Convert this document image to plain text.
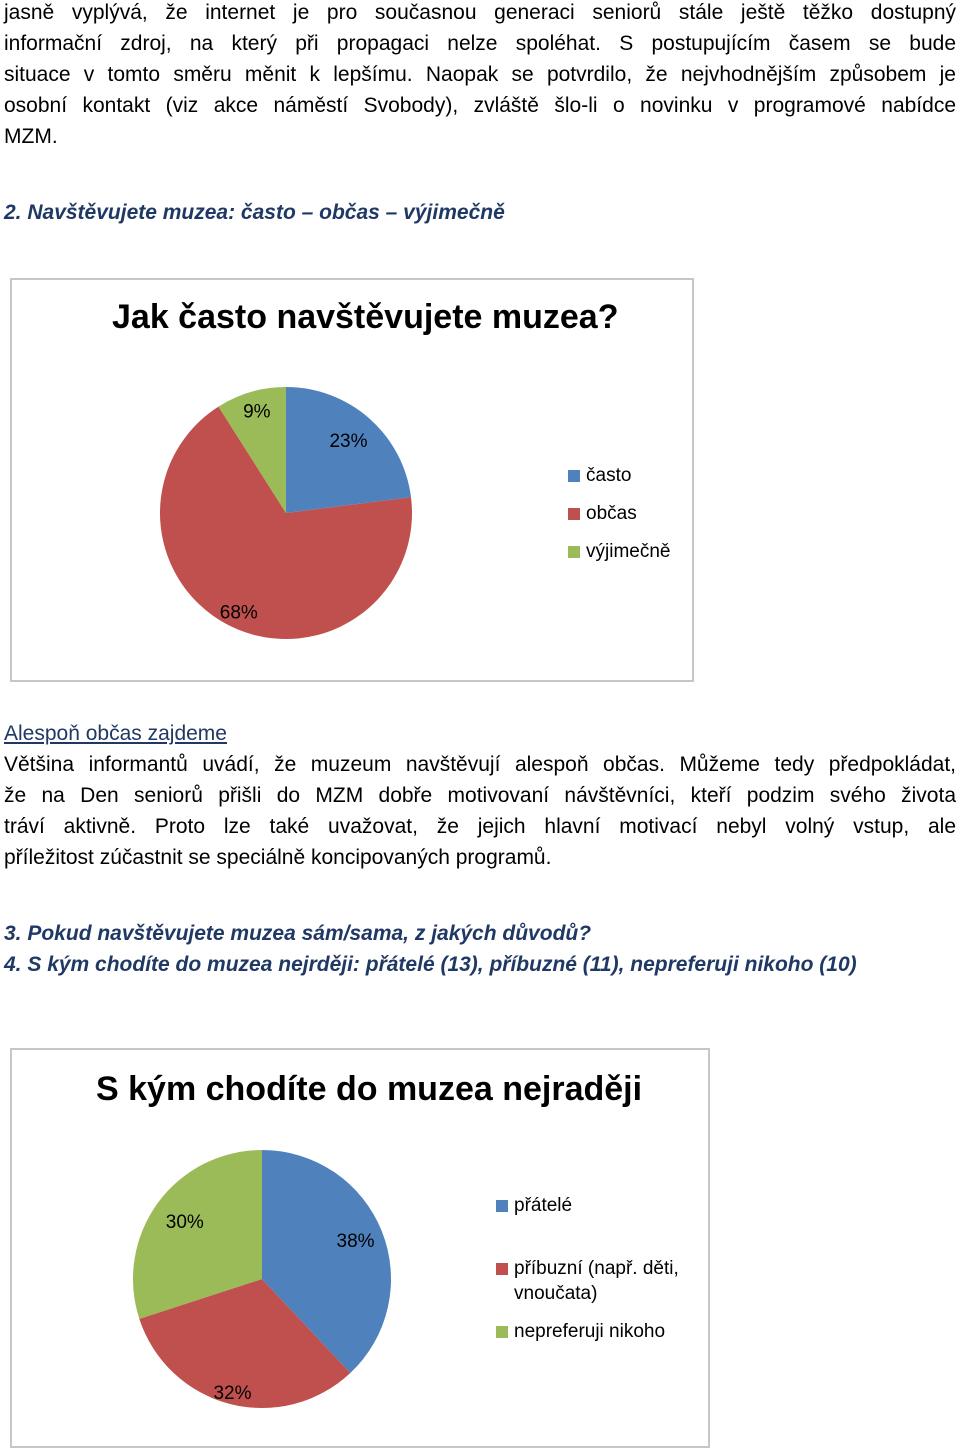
jasně vyplývá, že internet je pro současnou generaci seniorů stále ještě těžko dostupný
informační zdroj, na který při propagaci nelze spoléhat. S postupujícím časem se bude
situace v tomto směru měnit k lepšímu. Naopak se potvrdilo, že nejvhodnějším způsobem je
osobní kontakt (viz akce náměstí Svobody), zvláště šlo-li o novinku v programové nabídce
MZM.
2. Navštěvujete muzea: často – občas – výjimečně
Jak často navštěvujete muzea?
23%
68%
9%
často
občas
výjimečně
Alespoň občas zajdeme
Většina informantů uvádí, že muzeum navštěvují alespoň občas. Můžeme tedy předpokládat,
že na Den seniorů přišli do MZM dobře motivovaní návštěvníci, kteří podzim svého života
tráví aktivně. Proto lze také uvažovat, že jejich hlavní motivací nebyl volný vstup, ale
příležitost zúčastnit se speciálně koncipovaných programů.
3. Pokud navštěvujete muzea sám/sama, z jakých důvodů?
4. S kým chodíte do muzea nejrději: přátelé (13), příbuzné (11), nepreferuji nikoho (10)
S kým chodíte do muzea nejraději
38%
32%
30%
přátelé
příbuzní (např. děti,
vnoučata)
nepreferuji nikoho
